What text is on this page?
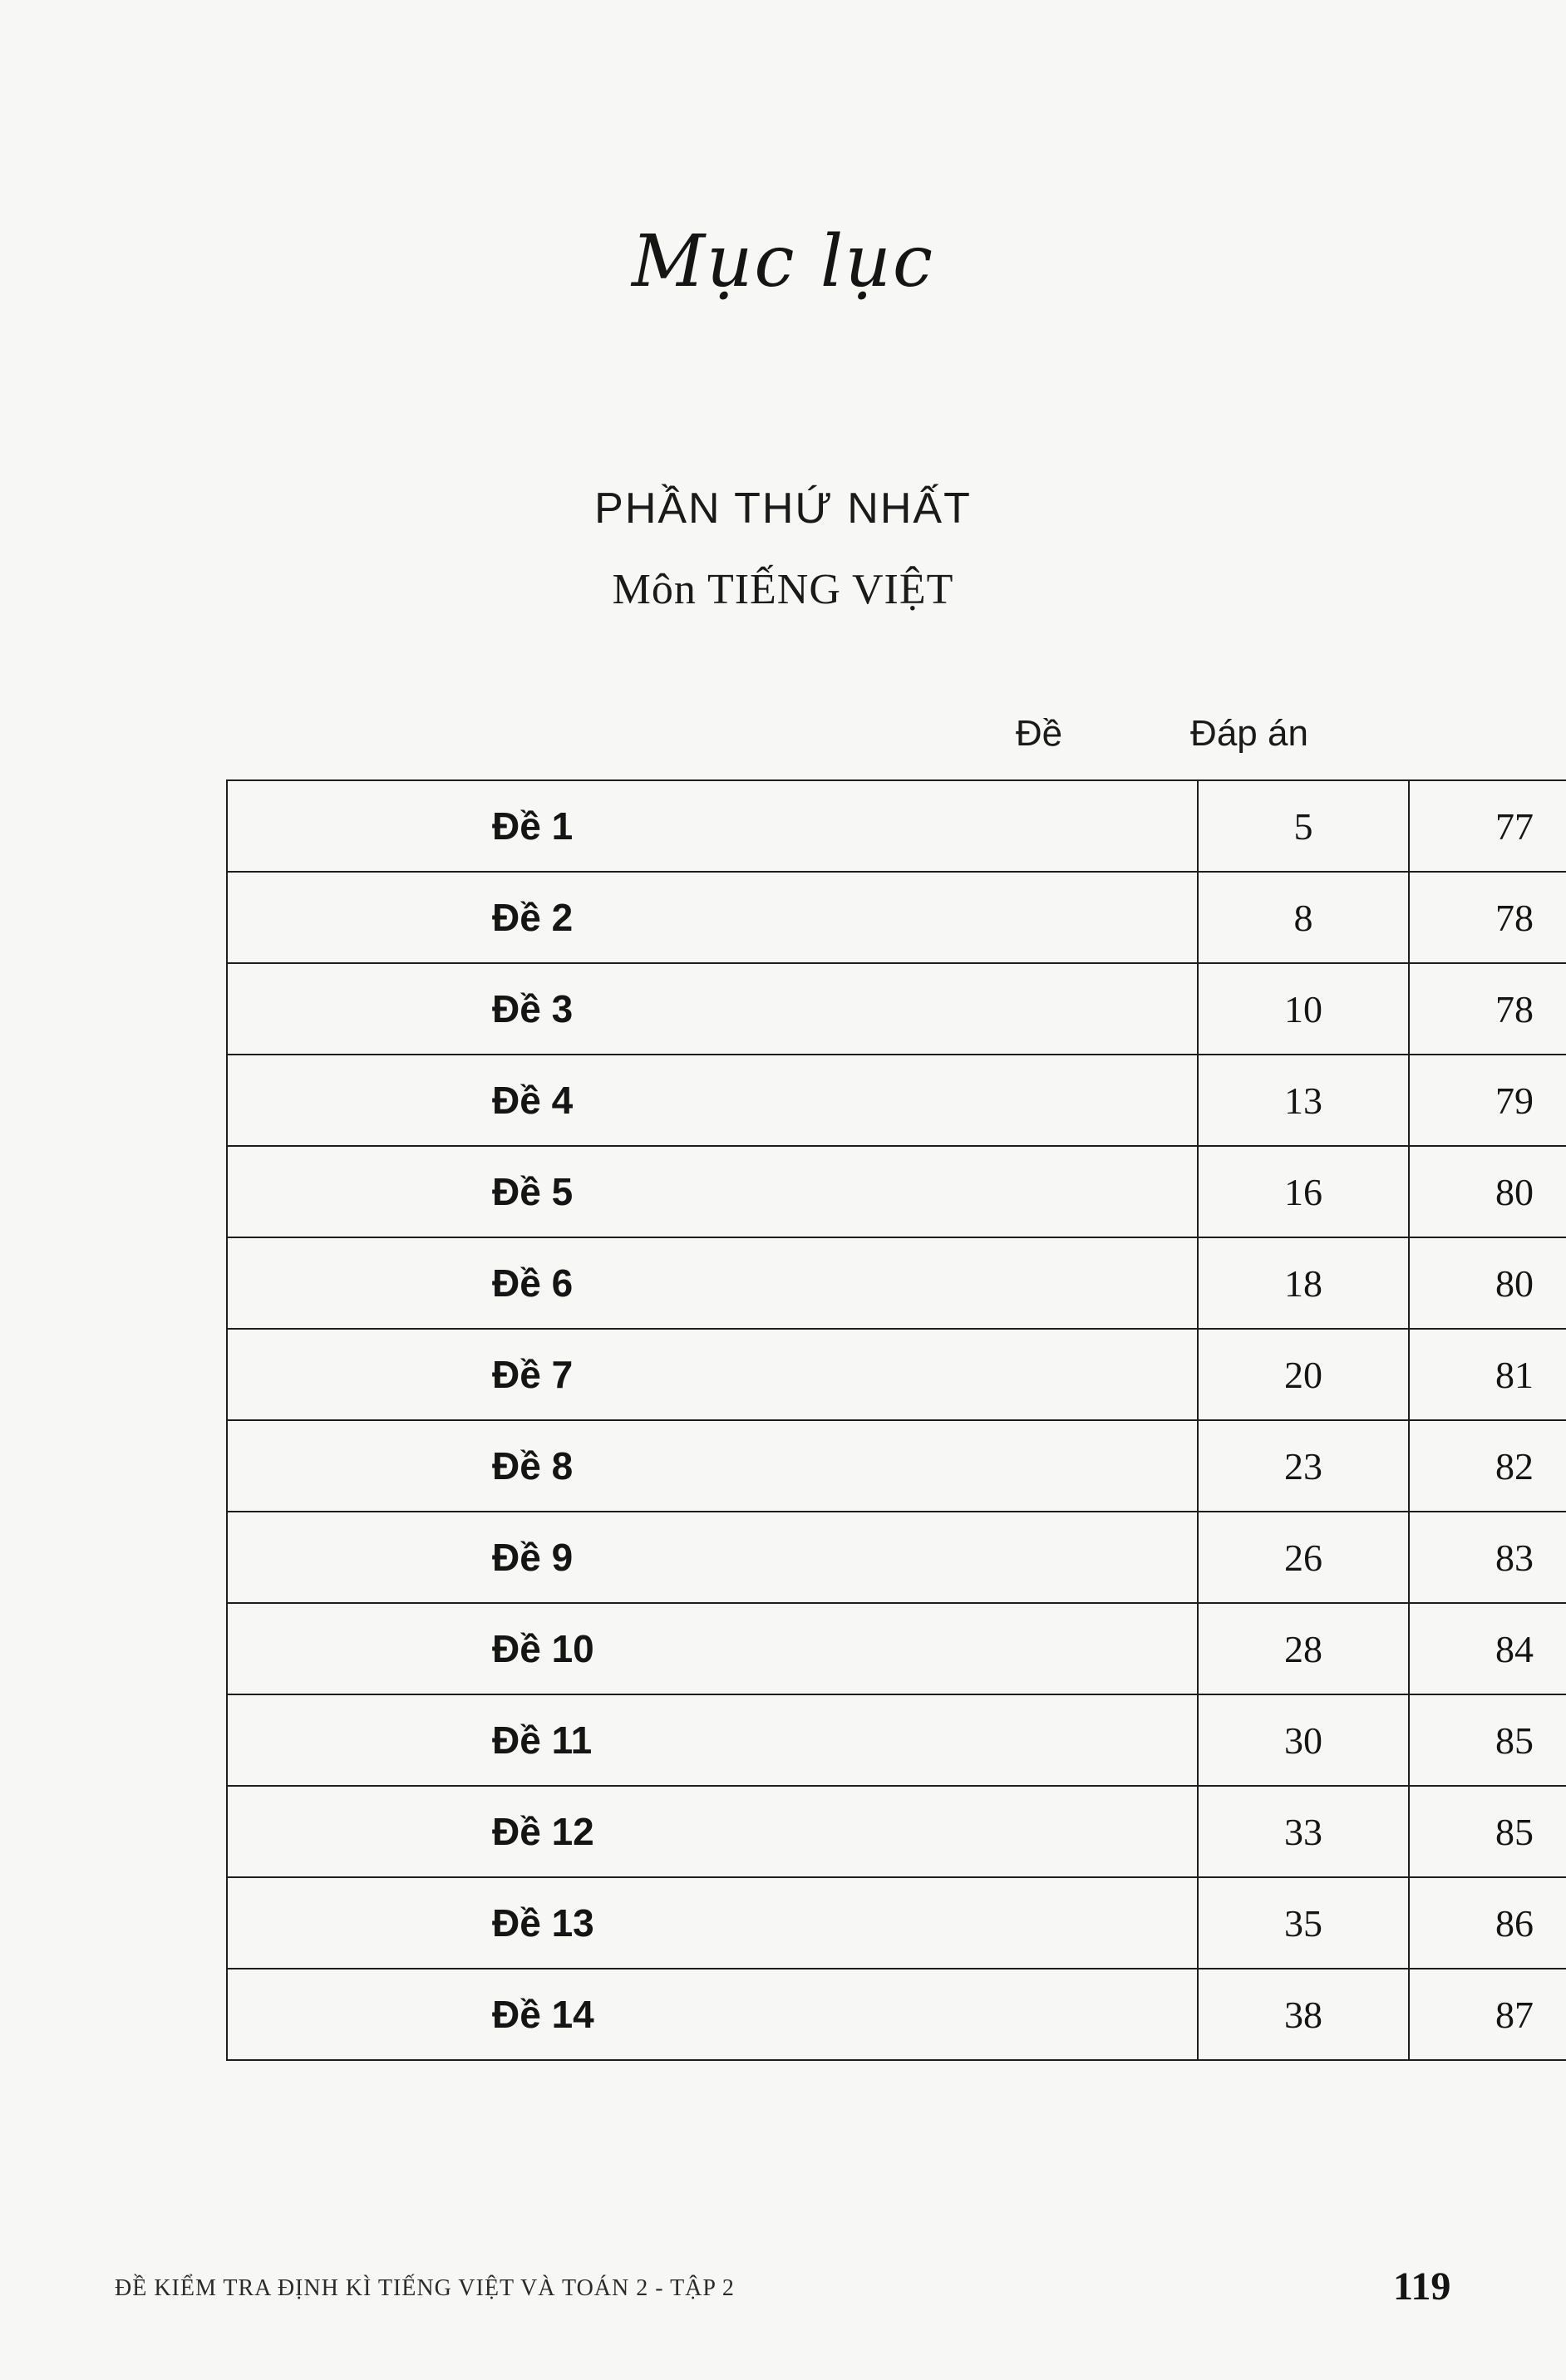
Mục lục
PHẦN THỨ NHẤT
Môn TIẾNG VIỆT
Đề	Đáp án
Đề 1	5	77
Đề 2	8	78
Đề 3	10	78
Đề 4	13	79
Đề 5	16	80
Đề 6	18	80
Đề 7	20	81
Đề 8	23	82
Đề 9	26	83
Đề 10	28	84
Đề 11	30	85
Đề 12	33	85
Đề 13	35	86
Đề 14	38	87
ĐỀ KIỂM TRA ĐỊNH KÌ TIẾNG VIỆT VÀ TOÁN 2 - TẬP 2	119
